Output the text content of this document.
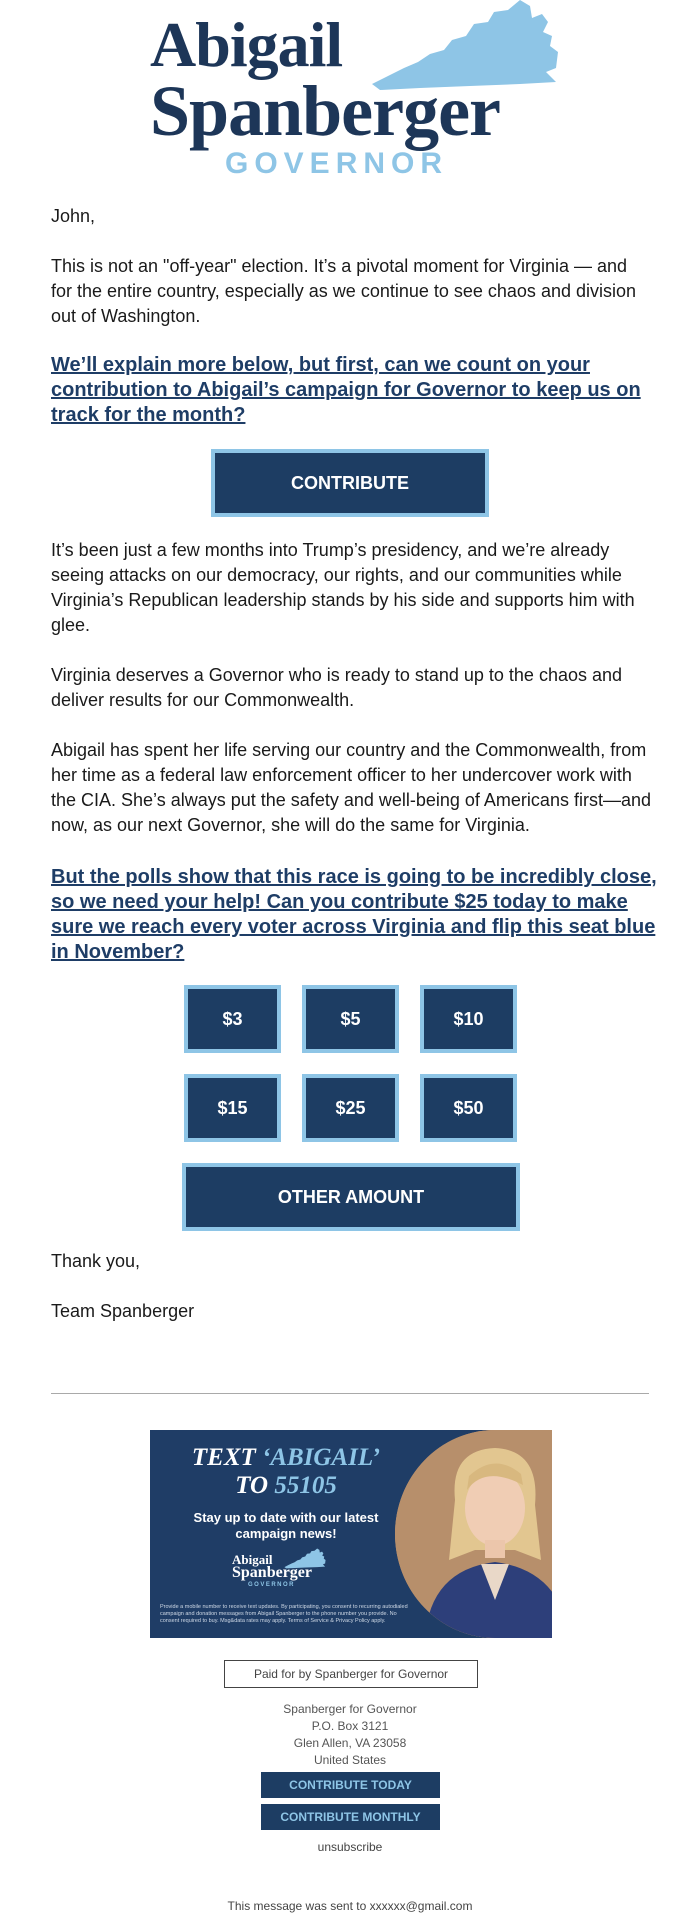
Abigail
Spanberger
GOVERNOR

John,

This is not an "off-year" election. It’s a pivotal moment for Virginia — and for the entire country, especially as we continue to see chaos and division out of Washington.

We’ll explain more below, but first, can we count on your contribution to Abigail’s campaign for Governor to keep us on track for the month?
CONTRIBUTE

It’s been just a few months into Trump’s presidency, and we’re already seeing attacks on our democracy, our rights, and our communities while Virginia’s Republican leadership stands by his side and supports him with glee.

Virginia deserves a Governor who is ready to stand up to the chaos and deliver results for our Commonwealth.

Abigail has spent her life serving our country and the Commonwealth, from her time as a federal law enforcement officer to her undercover work with the CIA. She’s always put the safety and well-being of Americans first—and now, as our next Governor, she will do the same for Virginia.

But the polls show that this race is going to be incredibly close, so we need your help! Can you contribute $25 today to make sure we reach every voter across Virginia and flip this seat blue in November?
$3	$5	$10
$15	$25	$50
OTHER AMOUNT

Thank you,

Team Spanberger

TEXT ‘ABIGAIL’
TO 55105
Stay up to date with our latest campaign news!
Abigail
Spanberger
GOVERNOR
Provide a mobile number to receive text updates. By participating, you consent to recurring autodialed campaign and donation messages from Abigail Spanberger to the phone number you provide. No consent required to buy. Msg&data rates may apply. Terms of Service & Privacy Policy apply.
Paid for by Spanberger for Governor
Spanberger for Governor
P.O. Box 3121
Glen Allen, VA 23058
United States
CONTRIBUTE TODAY
CONTRIBUTE MONTHLY
unsubscribe
This message was sent to xxxxxx@gmail.com
